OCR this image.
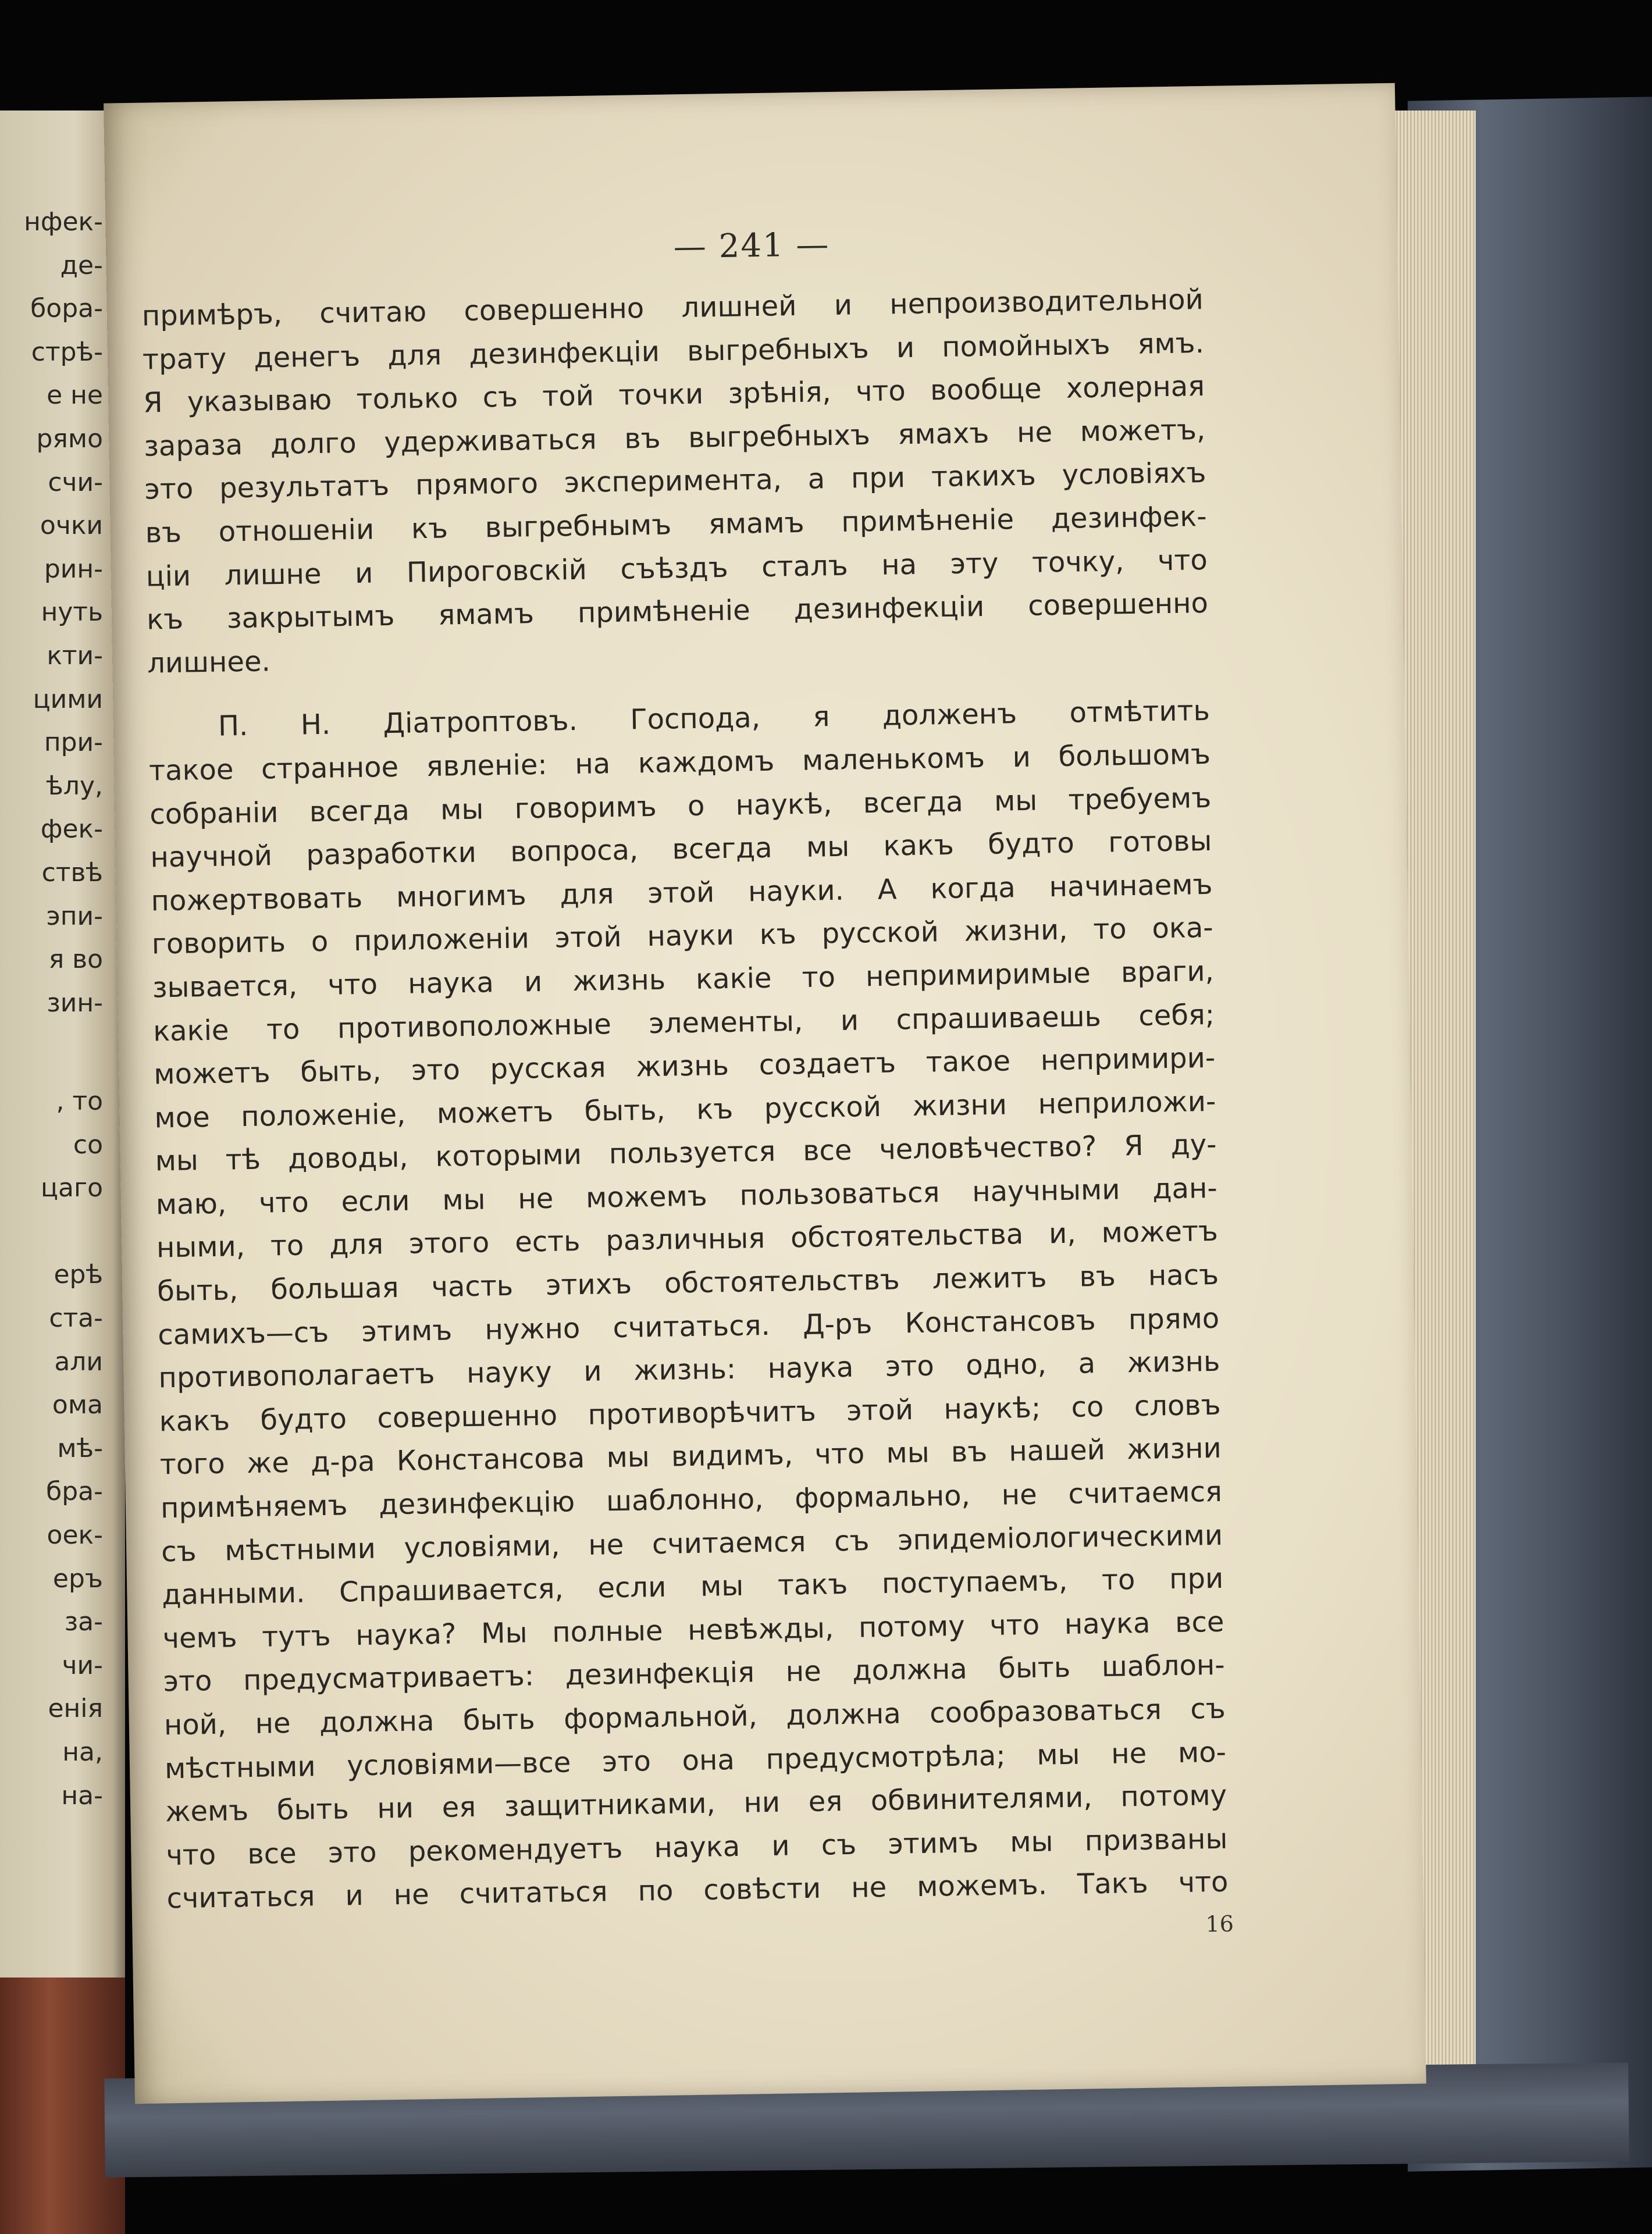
нфек-
де-
бора-
стрѣ-
е не
рямо
счи-
очки
рин-
нуть
кти-
цими
при-
ѣлу,
фек-
ствѣ
эпи-
я во
зин-
, то
со
цаго
ерѣ
ста-
али
ома
мѣ-
бра-
оек-
еръ
за-
чи-
енія
на,
на-
— 241 —
примѣръ, считаю совершенно лишней и непроизводительной
трату денегъ для дезинфекціи выгребныхъ и помойныхъ ямъ.
Я указываю только съ той точки зрѣнія, что вообще холерная
зараза долго удерживаться въ выгребныхъ ямахъ не можетъ,
это результатъ прямого эксперимента, а при такихъ условіяхъ
въ отношеніи къ выгребнымъ ямамъ примѣненіе дезинфек-
ціи лишне и Пироговскій съѣздъ сталъ на эту точку, что
къ закрытымъ ямамъ примѣненіе дезинфекціи совершенно
лишнее.
П. Н. Діатроптовъ. Господа, я долженъ отмѣтить
такое странное явленіе: на каждомъ маленькомъ и большомъ
собраніи всегда мы говоримъ о наукѣ, всегда мы требуемъ
научной разработки вопроса, всегда мы какъ будто готовы
пожертвовать многимъ для этой науки. А когда начинаемъ
говорить о приложеніи этой науки къ русской жизни, то ока-
зывается, что наука и жизнь какіе то непримиримые враги,
какіе то противоположные элементы, и спрашиваешь себя;
можетъ быть, это русская жизнь создаетъ такое непримири-
мое положеніе, можетъ быть, къ русской жизни неприложи-
мы тѣ доводы, которыми пользуется все человѣчество? Я ду-
маю, что если мы не можемъ пользоваться научными дан-
ными, то для этого есть различныя обстоятельства и, можетъ
быть, большая часть этихъ обстоятельствъ лежитъ въ насъ
самихъ—съ этимъ нужно считаться. Д-ръ Констансовъ прямо
противополагаетъ науку и жизнь: наука это одно, а жизнь
какъ будто совершенно противорѣчитъ этой наукѣ; со словъ
того же д-ра Констансова мы видимъ, что мы въ нашей жизни
примѣняемъ дезинфекцію шаблонно, формально, не считаемся
съ мѣстными условіями, не считаемся съ эпидеміологическими
данными. Спрашивается, если мы такъ поступаемъ, то при
чемъ тутъ наука? Мы полные невѣжды, потому что наука все
это предусматриваетъ: дезинфекція не должна быть шаблон-
ной, не должна быть формальной, должна сообразоваться съ
мѣстными условіями—все это она предусмотрѣла; мы не мо-
жемъ быть ни ея защитниками, ни ея обвинителями, потому
что все это рекомендуетъ наука и съ этимъ мы призваны
считаться и не считаться по совѣсти не можемъ. Такъ что
16
